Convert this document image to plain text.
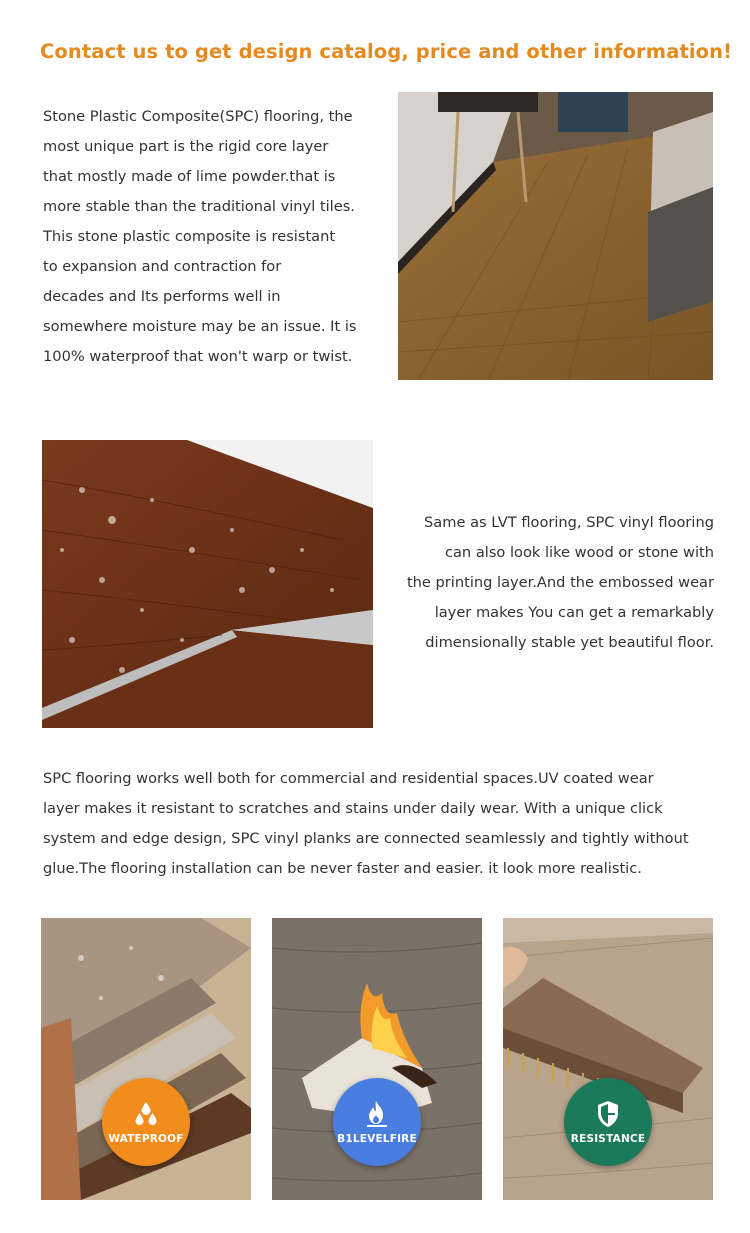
Contact us to get design catalog, price and other information!
Stone Plastic Composite(SPC) flooring, the
most unique part is the rigid core layer
that mostly made of lime powder.that is
more stable than the traditional vinyl tiles.
This stone plastic composite is resistant
to expansion and contraction for
decades and Its performs well in
somewhere moisture may be an issue. It is
100% waterproof that won't warp or twist.
Same as LVT flooring, SPC vinyl flooring
can also look like wood or stone with
the printing layer.And the embossed wear
layer makes You can get a remarkably
dimensionally stable yet beautiful floor.
SPC flooring works well both for commercial and residential spaces.UV coated wear
layer makes it resistant to scratches and stains under daily wear. With a unique click
system and edge design, SPC vinyl planks are connected seamlessly and tightly without
glue.The flooring installation can be never faster and easier. it look more realistic.
WATEPROOF	B1LEVELFIRE	RESISTANCE
